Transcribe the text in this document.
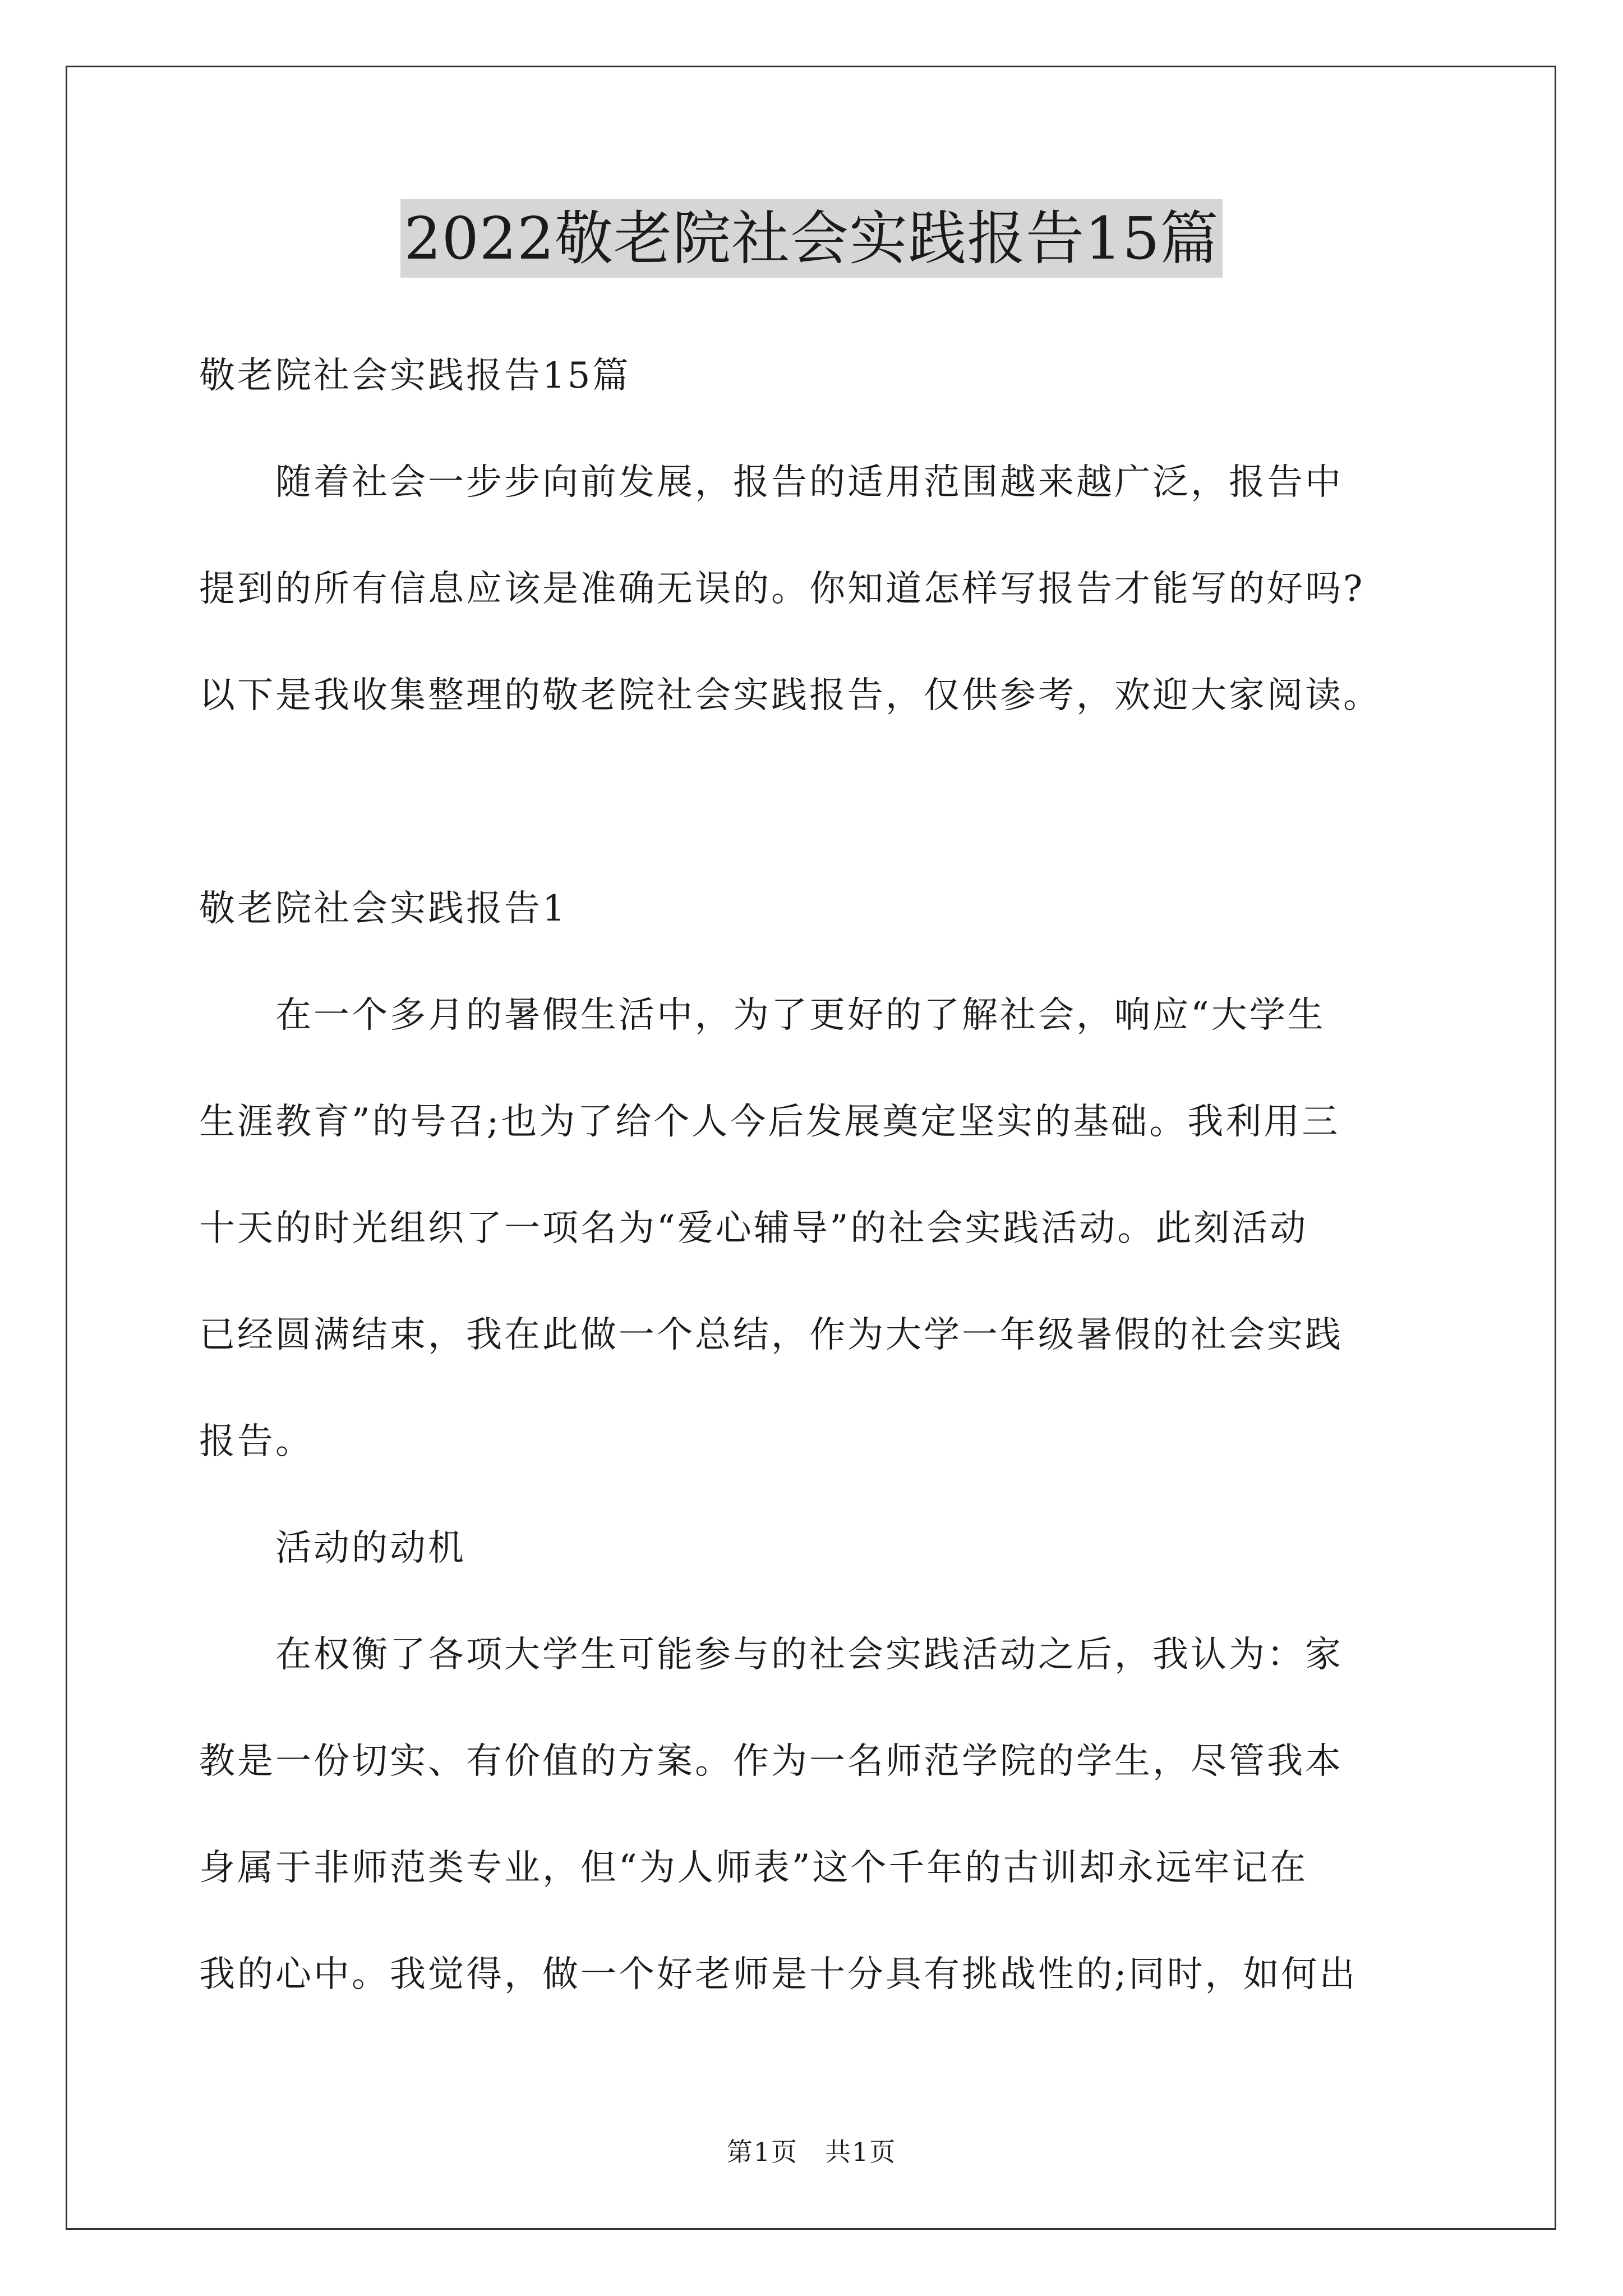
2022敬老院社会实践报告15篇
敬老院社会实践报告15篇
　　随着社会一步步向前发展，报告的适用范围越来越广泛，报告中
提到的所有信息应该是准确无误的。你知道怎样写报告才能写的好吗?
以下是我收集整理的敬老院社会实践报告，仅供参考，欢迎大家阅读。
敬老院社会实践报告1
　　在一个多月的暑假生活中，为了更好的了解社会，响应“大学生
生涯教育”的号召;也为了给个人今后发展奠定坚实的基础。我利用三
十天的时光组织了一项名为“爱心辅导”的社会实践活动。此刻活动
已经圆满结束，我在此做一个总结，作为大学一年级暑假的社会实践
报告。
　　活动的动机
　　在权衡了各项大学生可能参与的社会实践活动之后，我认为：家
教是一份切实、有价值的方案。作为一名师范学院的学生，尽管我本
身属于非师范类专业，但“为人师表”这个千年的古训却永远牢记在
我的心中。我觉得，做一个好老师是十分具有挑战性的;同时，如何出
第1页　共1页
